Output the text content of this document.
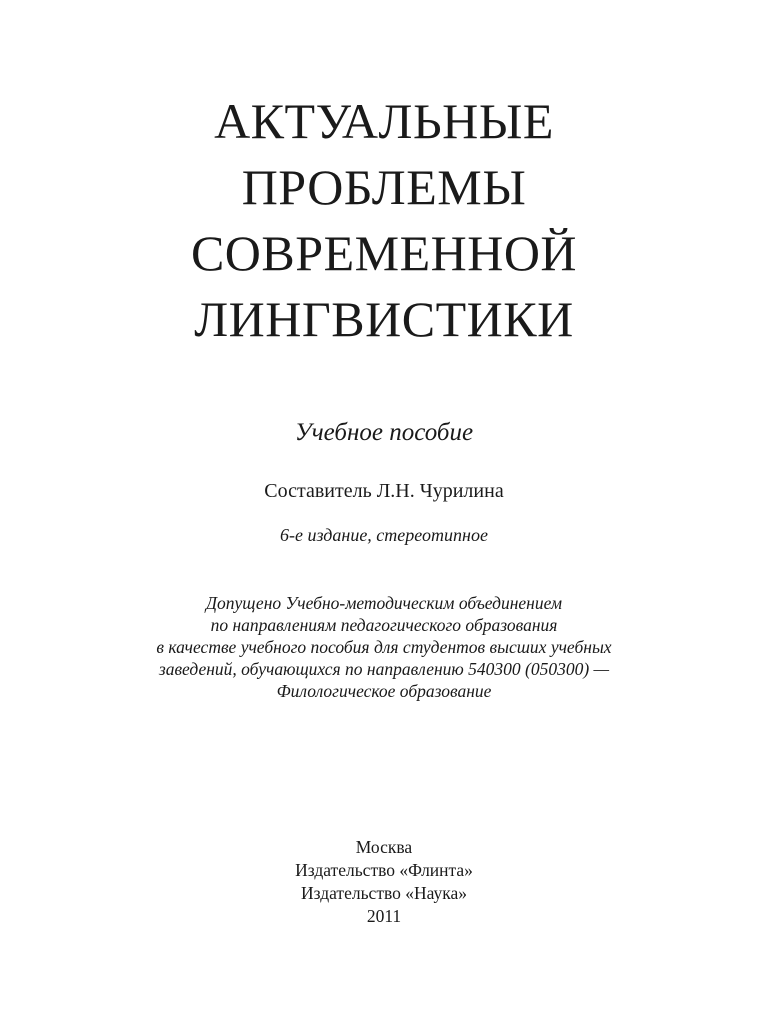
АКТУАЛЬНЫЕ
ПРОБЛЕМЫ
СОВРЕМЕННОЙ
ЛИНГВИСТИКИ
Учебное пособие
Составитель Л.Н. Чурилина
6-е издание, стереотипное
Допущено Учебно-методическим объединением
по направлениям педагогического образования
в качестве учебного пособия для студентов высших учебных
заведений, обучающихся по направлению 540300 (050300) —
Филологическое образование
Москва
Издательство «Флинта»
Издательство «Наука»
2011
